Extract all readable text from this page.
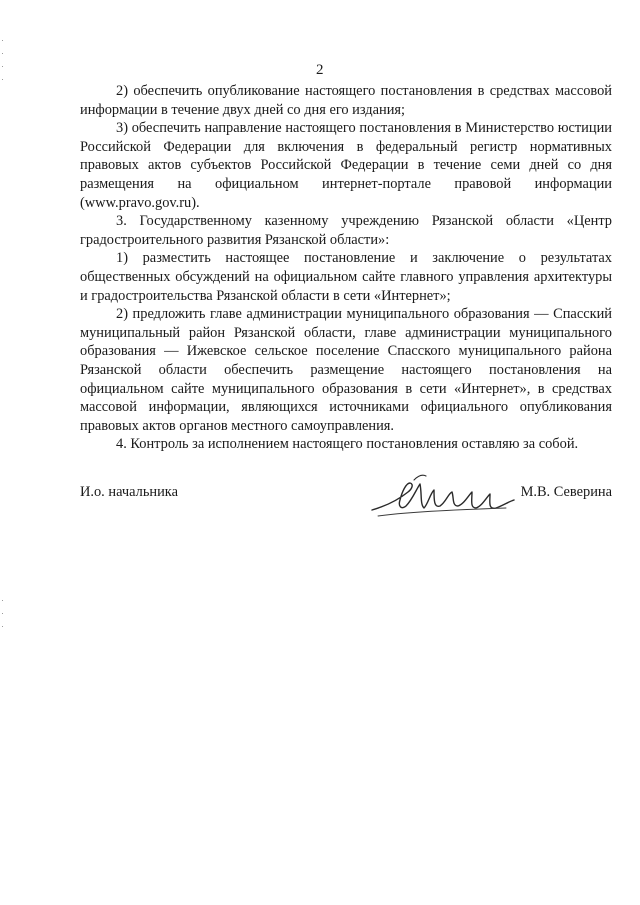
2

2) обеспечить опубликование настоящего постановления в средствах массовой информации в течение двух дней со дня его издания;

3) обеспечить направление настоящего постановления в Министерство юстиции Российской Федерации для включения в федеральный регистр нормативных правовых актов субъектов Российской Федерации в течение семи дней со дня размещения на официальном интернет-портале правовой информации (www.pravo.gov.ru).

3. Государственному казенному учреждению Рязанской области «Центр градостроительного развития Рязанской области»:

1) разместить настоящее постановление и заключение о результатах общественных обсуждений на официальном сайте главного управления архитектуры и градостроительства Рязанской области в сети «Интернет»;

2) предложить главе администрации муниципального образования — Спасский муниципальный район Рязанской области, главе администрации муниципального образования — Ижевское сельское поселение Спасского муниципального района Рязанской области обеспечить размещение настоящего постановления на официальном сайте муниципального образования в сети «Интернет», в средствах массовой информации, являющихся источниками официального опубликования правовых актов органов местного самоуправления.

4. Контроль за исполнением настоящего постановления оставляю за собой.

И.о. начальника	М.В. Северина
